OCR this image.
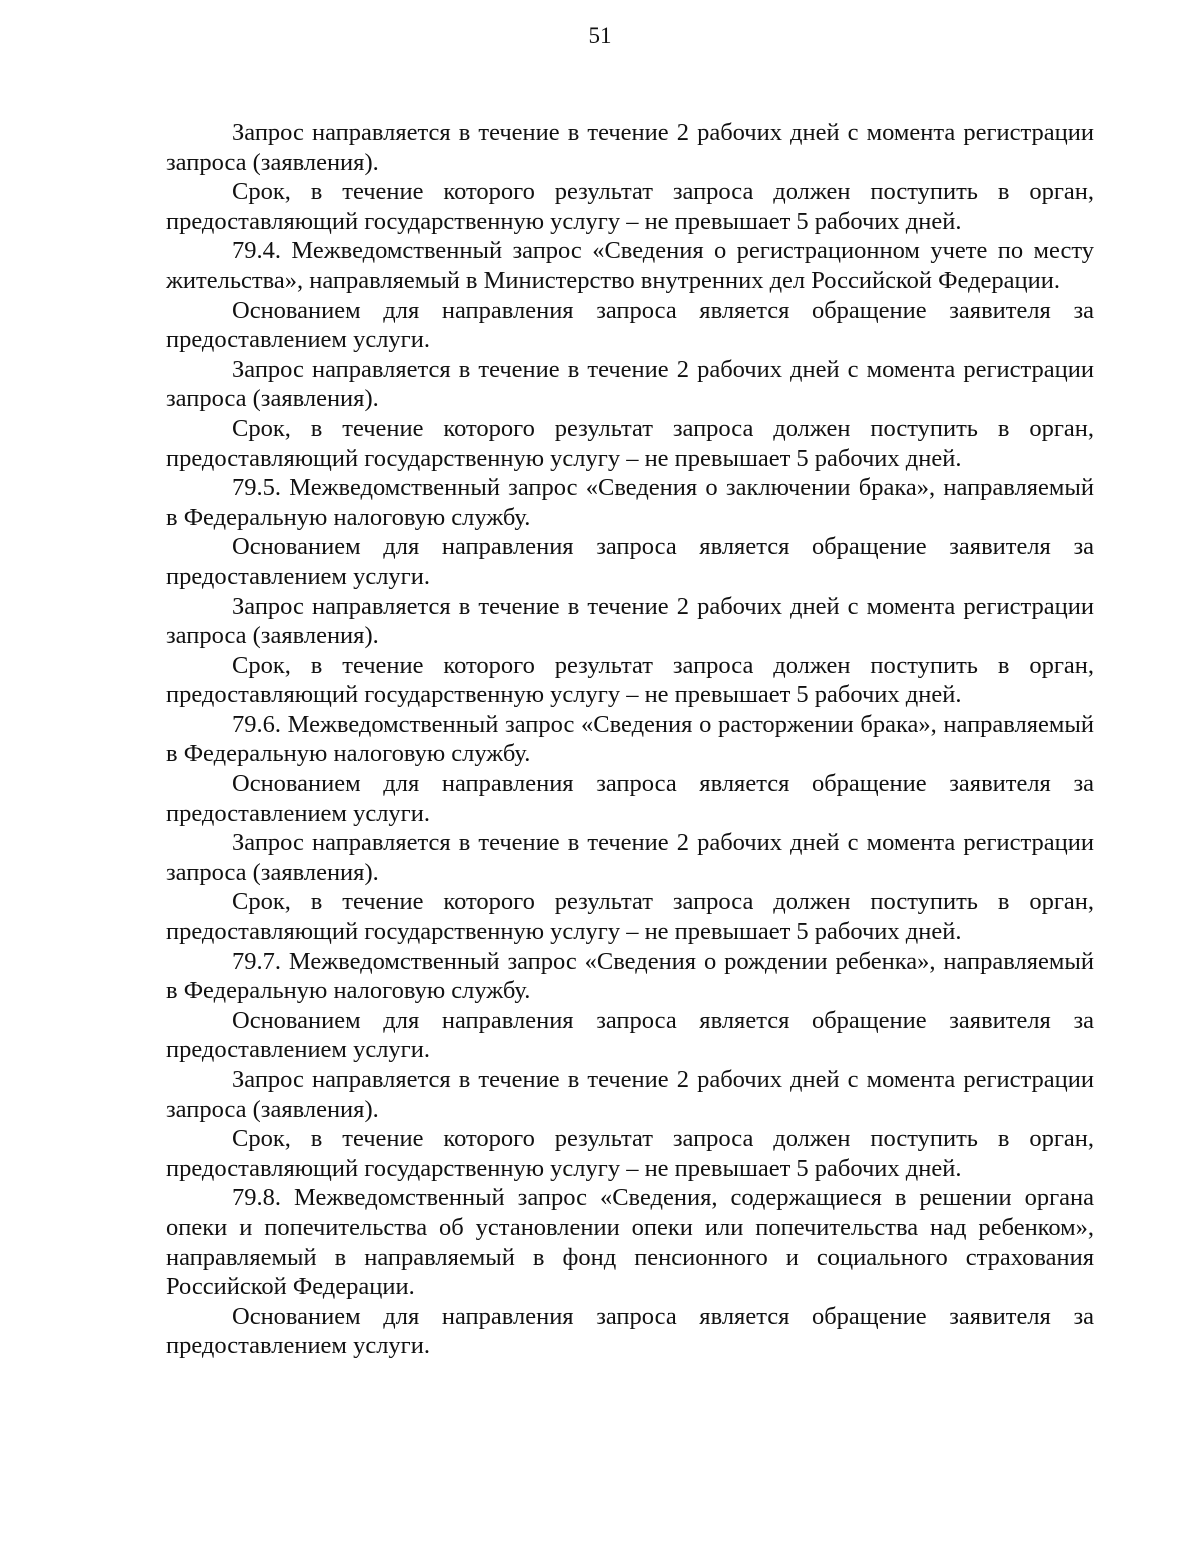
51

Запрос направляется в течение в течение 2 рабочих дней с момента регистрации запроса (заявления).

Срок, в течение которого результат запроса должен поступить в орган, предоставляющий государственную услугу – не превышает 5 рабочих дней.

79.4. Межведомственный запрос «Сведения о регистрационном учете по месту жительства», направляемый в Министерство внутренних дел Российской Федерации.

Основанием для направления запроса является обращение заявителя за предоставлением услуги.

Запрос направляется в течение в течение 2 рабочих дней с момента регистрации запроса (заявления).

Срок, в течение которого результат запроса должен поступить в орган, предоставляющий государственную услугу – не превышает 5 рабочих дней.

79.5. Межведомственный запрос «Сведения о заключении брака», направляемый в Федеральную налоговую службу.

Основанием для направления запроса является обращение заявителя за предоставлением услуги.

Запрос направляется в течение в течение 2 рабочих дней с момента регистрации запроса (заявления).

Срок, в течение которого результат запроса должен поступить в орган, предоставляющий государственную услугу – не превышает 5 рабочих дней.

79.6. Межведомственный запрос «Сведения о расторжении брака», направляемый в Федеральную налоговую службу.

Основанием для направления запроса является обращение заявителя за предоставлением услуги.

Запрос направляется в течение в течение 2 рабочих дней с момента регистрации запроса (заявления).

Срок, в течение которого результат запроса должен поступить в орган, предоставляющий государственную услугу – не превышает 5 рабочих дней.

79.7. Межведомственный запрос «Сведения о рождении ребенка», направляемый в Федеральную налоговую службу.

Основанием для направления запроса является обращение заявителя за предоставлением услуги.

Запрос направляется в течение в течение 2 рабочих дней с момента регистрации запроса (заявления).

Срок, в течение которого результат запроса должен поступить в орган, предоставляющий государственную услугу – не превышает 5 рабочих дней.

79.8. Межведомственный запрос «Сведения, содержащиеся в решении органа опеки и попечительства об установлении опеки или попечительства над ребенком», направляемый в направляемый в фонд пенсионного и социального страхования Российской Федерации.

Основанием для направления запроса является обращение заявителя за предоставлением услуги.
